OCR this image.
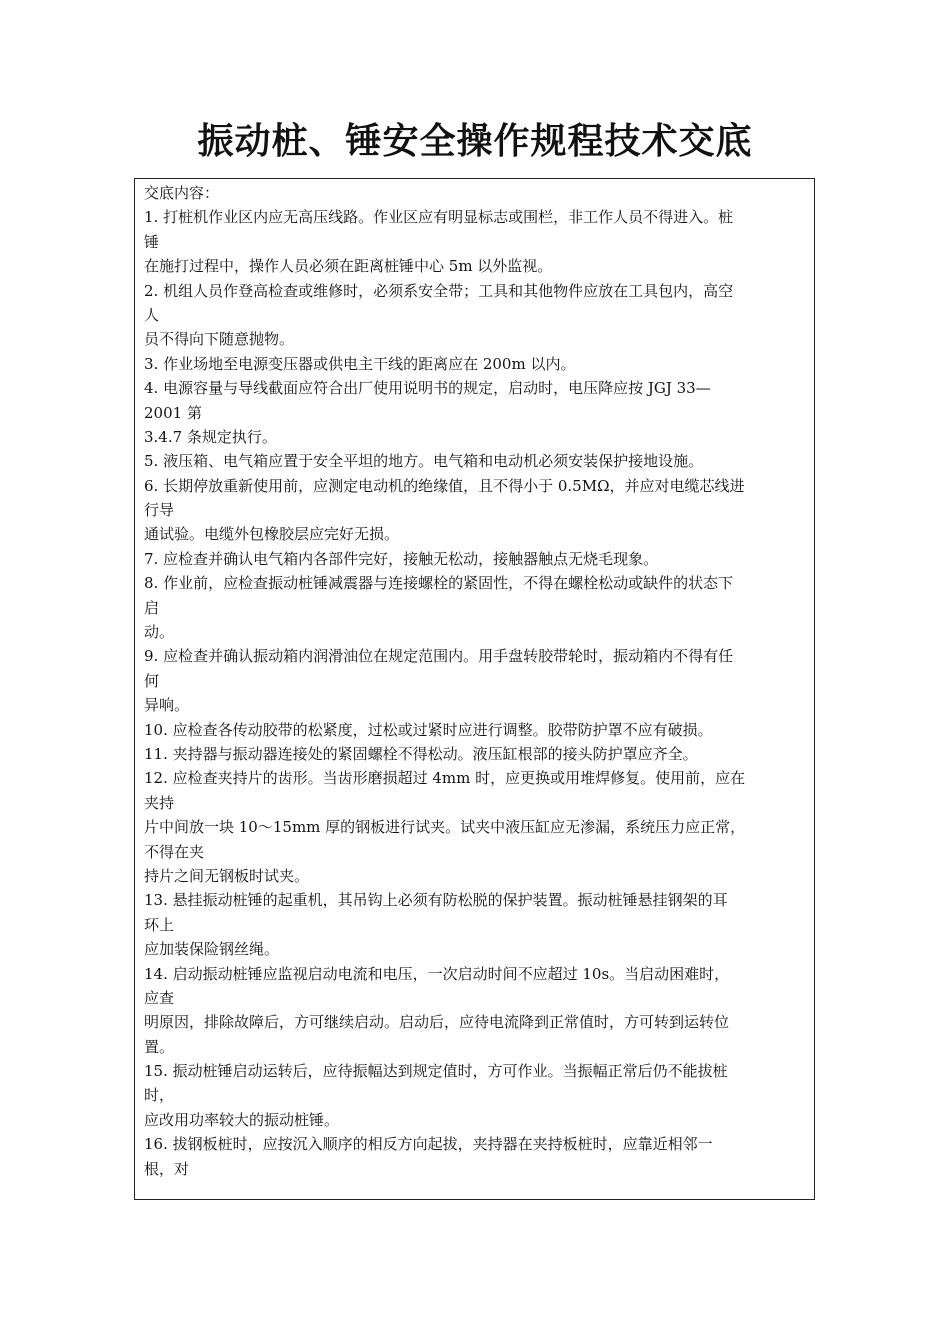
振动桩、锤安全操作规程技术交底
交底内容：
1. 打桩机作业区内应无高压线路。作业区应有明显标志或围栏，非工作人员不得进入。桩
锤
在施打过程中，操作人员必须在距离桩锤中心 5m 以外监视。
2. 机组人员作登高检查或维修时，必须系安全带；工具和其他物件应放在工具包内，高空
人
员不得向下随意抛物。
3. 作业场地至电源变压器或供电主干线的距离应在 200m 以内。
4. 电源容量与导线截面应符合出厂使用说明书的规定，启动时，电压降应按 JGJ 33—
2001 第
3.4.7 条规定执行。
5. 液压箱、电气箱应置于安全平坦的地方。电气箱和电动机必须安装保护接地设施。
6. 长期停放重新使用前，应测定电动机的绝缘值，且不得小于 0.5MΩ，并应对电缆芯线进
行导
通试验。电缆外包橡胶层应完好无损。
7. 应检查并确认电气箱内各部件完好，接触无松动，接触器触点无烧毛现象。
8. 作业前，应检查振动桩锤减震器与连接螺栓的紧固性，不得在螺栓松动或缺件的状态下
启
动。
9. 应检查并确认振动箱内润滑油位在规定范围内。用手盘转胶带轮时，振动箱内不得有任
何
异响。
10. 应检查各传动胶带的松紧度，过松或过紧时应进行调整。胶带防护罩不应有破损。
11. 夹持器与振动器连接处的紧固螺栓不得松动。液压缸根部的接头防护罩应齐全。
12. 应检查夹持片的齿形。当齿形磨损超过 4mm 时，应更换或用堆焊修复。使用前，应在
夹持
片中间放一块 10～15mm 厚的钢板进行试夹。试夹中液压缸应无渗漏，系统压力应正常，
不得在夹
持片之间无钢板时试夹。
13. 悬挂振动桩锤的起重机，其吊钩上必须有防松脱的保护装置。振动桩锤悬挂钢架的耳
环上
应加装保险钢丝绳。
14. 启动振动桩锤应监视启动电流和电压，一次启动时间不应超过 10s。当启动困难时，
应查
明原因，排除故障后，方可继续启动。启动后，应待电流降到正常值时，方可转到运转位
置。
15. 振动桩锤启动运转后，应待振幅达到规定值时，方可作业。当振幅正常后仍不能拔桩
时，
应改用功率较大的振动桩锤。
16. 拔钢板桩时，应按沉入顺序的相反方向起拔，夹持器在夹持板桩时，应靠近相邻一
根，对
